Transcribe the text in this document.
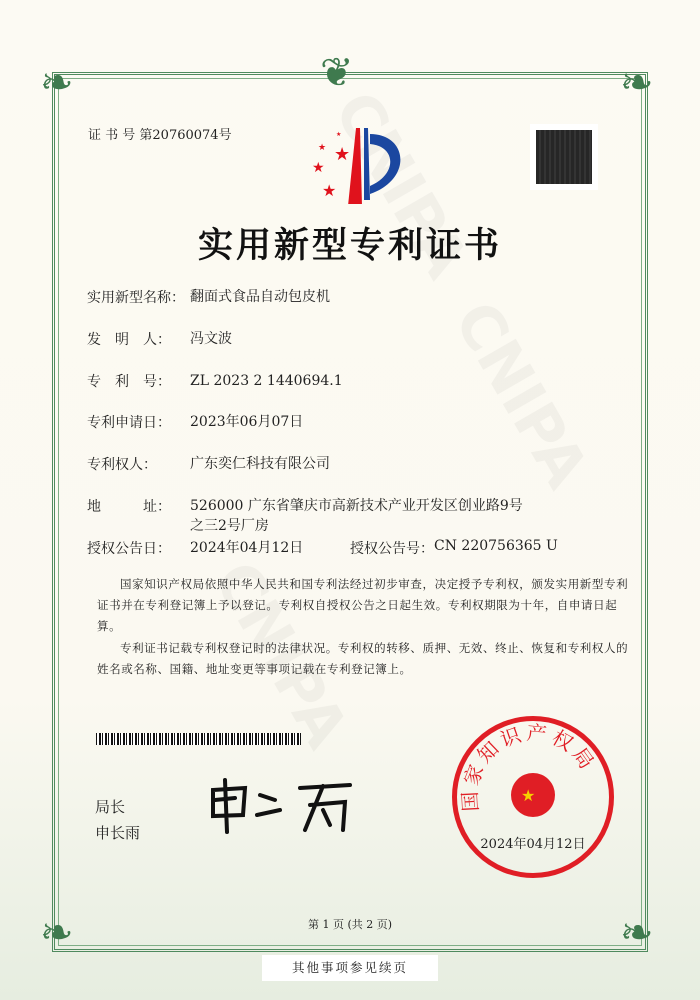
❦
❧	❧
❧	❧
证 书 号 第20760074号
★
★
★
★
★
实用新型专利证书
实用新型名称： 翻面式食品自动包皮机
发　明　人：	冯文波
专　利　号：	ZL 2023 2 1440694.1
专利申请日：	2023年06月07日
专利权人：	广东奕仁科技有限公司
地　　　址：	526000 广东省肇庆市高新技术产业开发区创业路9号之三2号厂房
授权公告日：	2024年04月12日	授权公告号： CN 220756365 U
国家知识产权局依照中华人民共和国专利法经过初步审查，决定授予专利权，颁发实用新型专利证书并在专利登记簿上予以登记。专利权自授权公告之日起生效。专利权期限为十年，自申请日起算。
专利证书记载专利权登记时的法律状况。专利权的转移、质押、无效、终止、恢复和专利权人的姓名或名称、国籍、地址变更等事项记载在专利登记簿上。
局长
申长雨
国家知识产权局
★
2024年04月12日
第 1 页 (共 2 页)
其他事项参见续页
